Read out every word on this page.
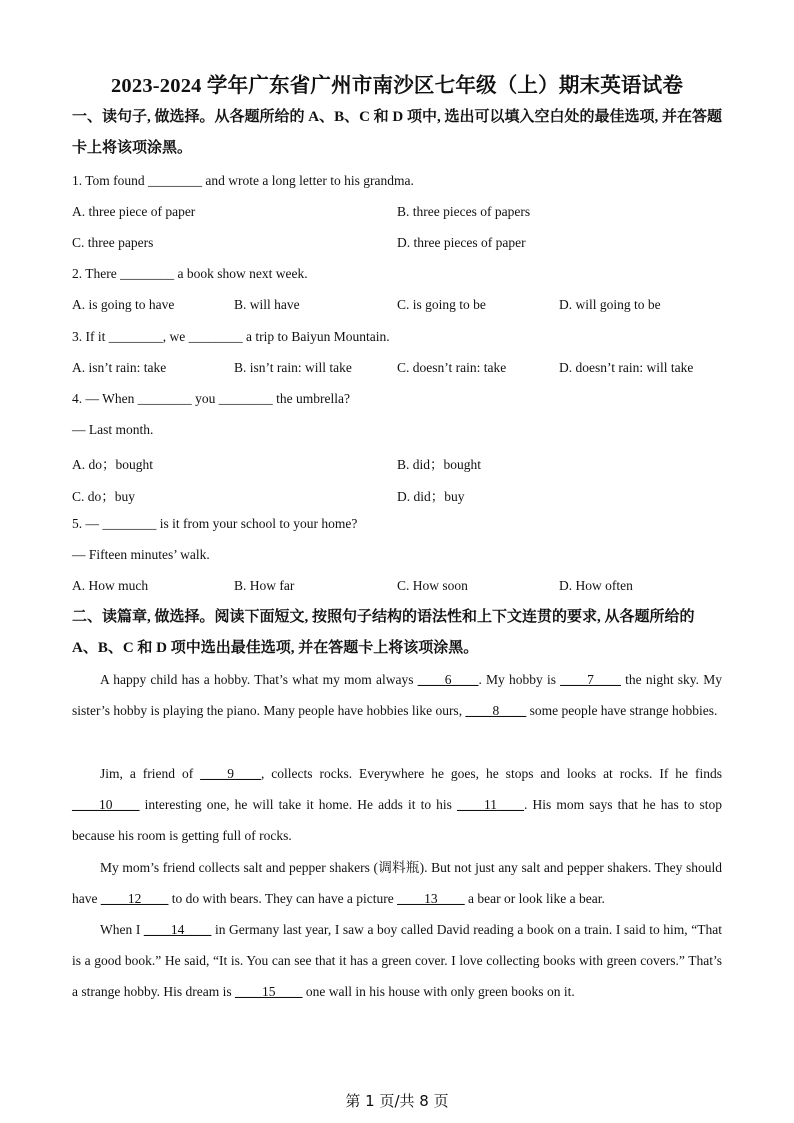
2023-2024 学年广东省广州市南沙区七年级（上）期末英语试卷
一、读句子, 做选择。从各题所给的 A、B、C 和 D 项中, 选出可以填入空白处的最佳选项, 并在答题卡上将该项涂黑。
1. Tom found ________ and wrote a long letter to his grandma.
A. three piece of paper	B. three pieces of papers
C. three papers	D. three pieces of paper
2. There ________ a book show next week.
A. is going to have	B. will have	C. is going to be	D. will going to be
3. If it ________, we ________ a trip to Baiyun Mountain.
A. isn’t rain: take	B. isn’t rain: will take	C. doesn’t rain: take	D. doesn’t rain: will take
4. — When ________ you ________ the umbrella?
— Last month.
A. do；bought	B. did；bought
C. do；buy	D. did；buy
5. — ________ is it from your school to your home?
— Fifteen minutes’ walk.
A. How much	B. How far	C. How soon	D. How often
二、读篇章, 做选择。阅读下面短文, 按照句子结构的语法性和上下文连贯的要求, 从各题所给的 A、B、C 和 D 项中选出最佳选项, 并在答题卡上将该项涂黑。
A happy child has a hobby. That’s what my mom always ____6____. My hobby is ____7____ the night sky. My sister’s hobby is playing the piano. Many people have hobbies like ours, ____8____ some people have strange hobbies.
Jim, a friend of ____9____, collects rocks. Everywhere he goes, he stops and looks at rocks. If he finds ____10____ interesting one, he will take it home. He adds it to his ____11____. His mom says that he has to stop because his room is getting full of rocks.
My mom’s friend collects salt and pepper shakers (调料瓶). But not just any salt and pepper shakers. They should have ____12____ to do with bears. They can have a picture ____13____ a bear or look like a bear.
When I ____14____ in Germany last year, I saw a boy called David reading a book on a train. I said to him, “That is a good book.” He said, “It is. You can see that it has a green cover. I love collecting books with green covers.” That’s a strange hobby. His dream is ____15____ one wall in his house with only green books on it.
第 1 页/共 8 页
